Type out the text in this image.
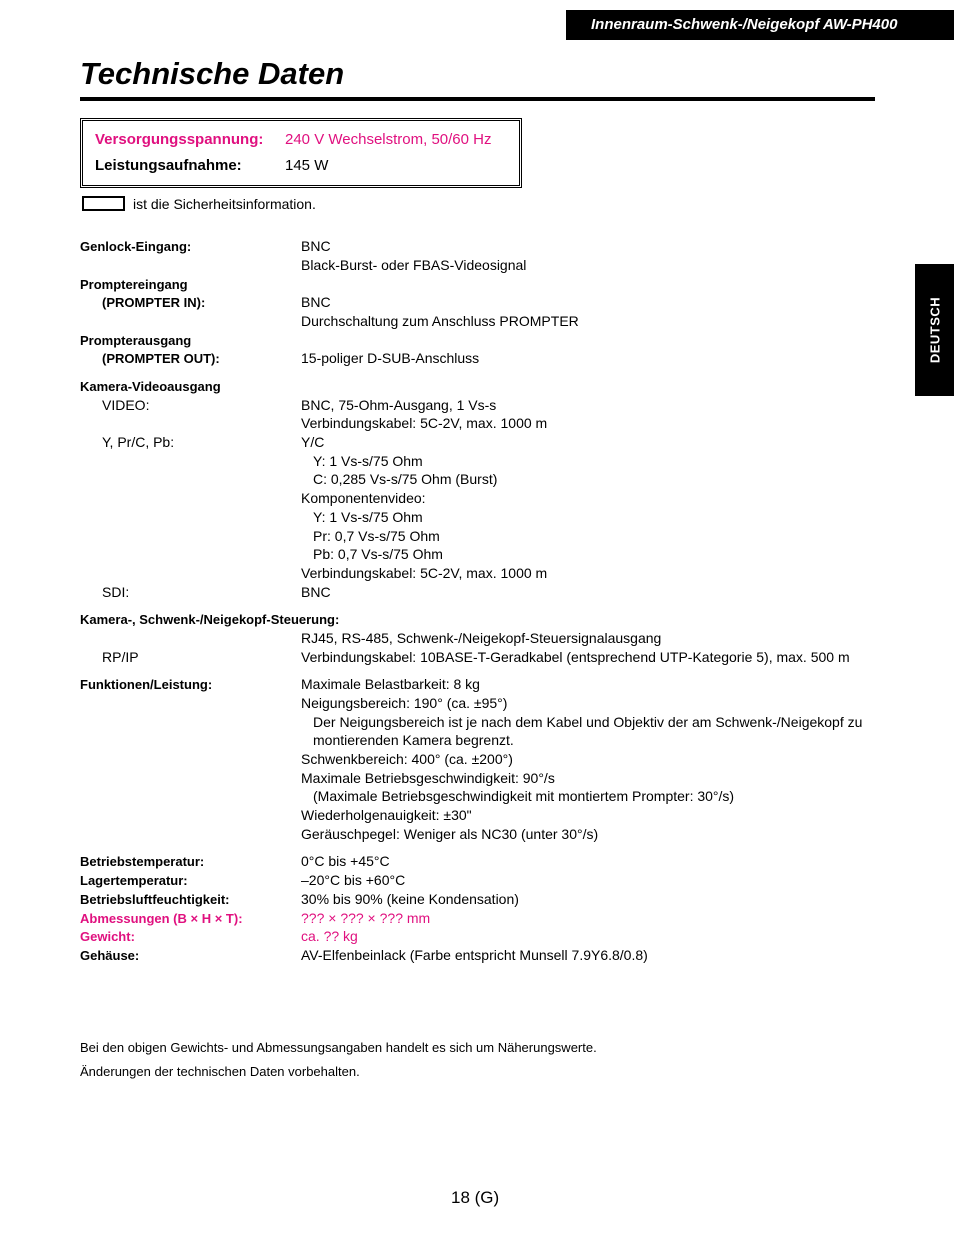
Innenraum-Schwenk-/Neigekopf AW-PH400
Technische Daten
Versorgungsspannung: 240 V Wechselstrom, 50/60 Hz
Leistungsaufnahme:	145 W
ist die Sicherheitsinformation.
DEUTSCH
Genlock-Eingang:	BNC
Black-Burst- oder FBAS-Videosignal
Promptereingang
(PROMPTER IN):	BNC
Durchschaltung zum Anschluss PROMPTER
Prompterausgang
(PROMPTER OUT):	15-poliger D-SUB-Anschluss
Kamera-Videoausgang
VIDEO:	BNC, 75-Ohm-Ausgang, 1 Vs-s
Verbindungskabel: 5C-2V, max. 1000 m
Y, Pr/C, Pb:	Y/C
Y: 1 Vs-s/75 Ohm
C: 0,285 Vs-s/75 Ohm (Burst)
Komponentenvideo:
Y: 1 Vs-s/75 Ohm
Pr: 0,7 Vs-s/75 Ohm
Pb: 0,7 Vs-s/75 Ohm
Verbindungskabel: 5C-2V, max. 1000 m
SDI:	BNC
Kamera-, Schwenk-/Neigekopf-Steuerung:
RJ45, RS-485, Schwenk-/Neigekopf-Steuersignalausgang
RP/IP	Verbindungskabel: 10BASE-T-Geradkabel (entsprechend UTP-Kategorie 5), max. 500 m
Funktionen/Leistung:	Maximale Belastbarkeit: 8 kg
Neigungsbereich: 190° (ca. ±95°)
Der Neigungsbereich ist je nach dem Kabel und Objektiv der am Schwenk-/Neigekopf zu
montierenden Kamera begrenzt.
Schwenkbereich: 400° (ca. ±200°)
Maximale Betriebsgeschwindigkeit: 90°/s
(Maximale Betriebsgeschwindigkeit mit montiertem Prompter: 30°/s)
Wiederholgenauigkeit: ±30"
Geräuschpegel: Weniger als NC30 (unter 30°/s)
Betriebstemperatur:	0°C bis +45°C
Lagertemperatur:	–20°C bis +60°C
Betriebsluftfeuchtigkeit:	30% bis 90% (keine Kondensation)
Abmessungen (B × H × T):	??? × ??? × ??? mm
Gewicht:	ca. ?? kg
Gehäuse:	AV-Elfenbeinlack (Farbe entspricht Munsell 7.9Y6.8/0.8)
Bei den obigen Gewichts- und Abmessungsangaben handelt es sich um Näherungswerte.
Änderungen der technischen Daten vorbehalten.
18 (G)
